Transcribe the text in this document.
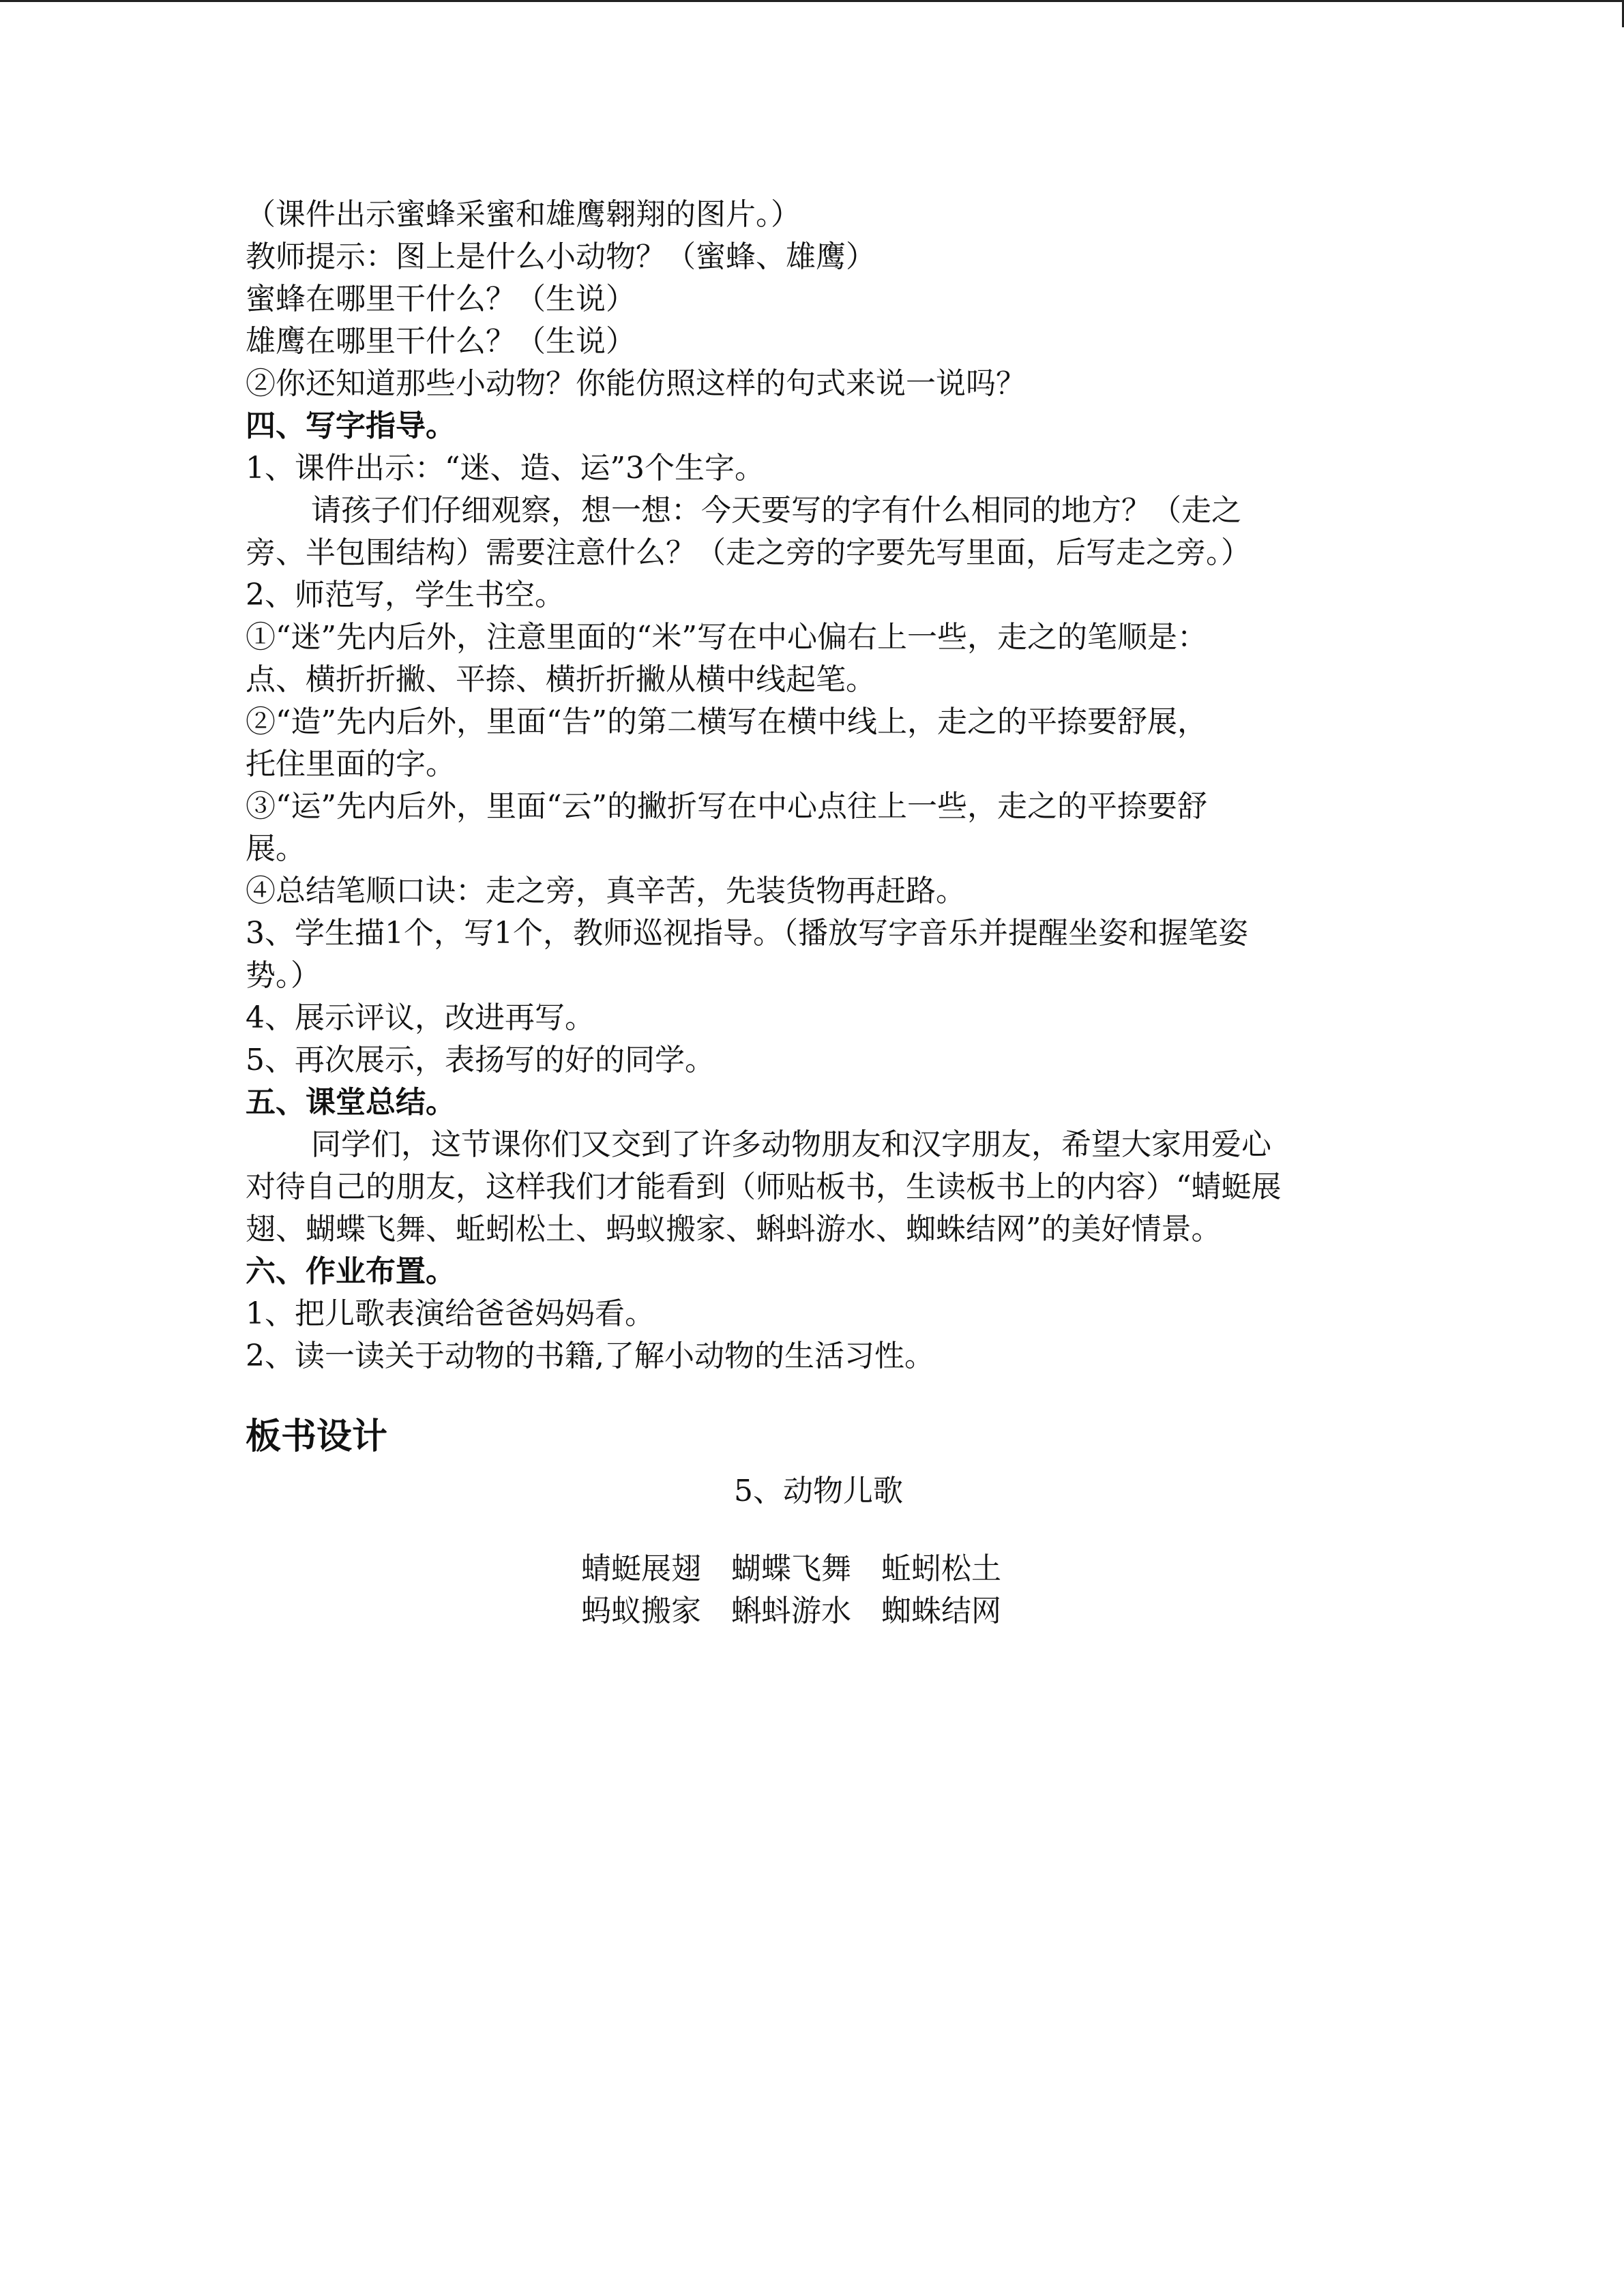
（课件出示蜜蜂采蜜和雄鹰翱翔的图片。）

教师提示：图上是什么小动物？（蜜蜂、雄鹰）

蜜蜂在哪里干什么？（生说）

雄鹰在哪里干什么？（生说）

②你还知道那些小动物？你能仿照这样的句式来说一说吗？

四、写字指导。

1、课件出示：“迷、造、运”3个生字。

请孩子们仔细观察，想一想：今天要写的字有什么相同的地方？（走之

旁、半包围结构）需要注意什么？（走之旁的字要先写里面，后写走之旁。）

2、师范写，学生书空。

①“迷”先内后外，注意里面的“米”写在中心偏右上一些，走之的笔顺是：

点、横折折撇、平捺、横折折撇从横中线起笔。

②“造”先内后外，里面“告”的第二横写在横中线上，走之的平捺要舒展，

托住里面的字。

③“运”先内后外，里面“云”的撇折写在中心点往上一些，走之的平捺要舒

展。

④总结笔顺口诀：走之旁，真辛苦，先装货物再赶路。

3、学生描1个，写1个，教师巡视指导。（播放写字音乐并提醒坐姿和握笔姿

势。）

4、展示评议，改进再写。

5、再次展示，表扬写的好的同学。

五、课堂总结。

同学们，这节课你们又交到了许多动物朋友和汉字朋友，希望大家用爱心

对待自己的朋友，这样我们才能看到（师贴板书，生读板书上的内容）“蜻蜓展

翅、蝴蝶飞舞、蚯蚓松土、蚂蚁搬家、蝌蚪游水、蜘蛛结网”的美好情景。

六、作业布置。

1、把儿歌表演给爸爸妈妈看。

2、读一读关于动物的书籍,了解小动物的生活习性。

板书设计
5、动物儿歌
蜻蜓展翅　蝴蝶飞舞　蚯蚓松土
蚂蚁搬家　蝌蚪游水　蜘蛛结网
